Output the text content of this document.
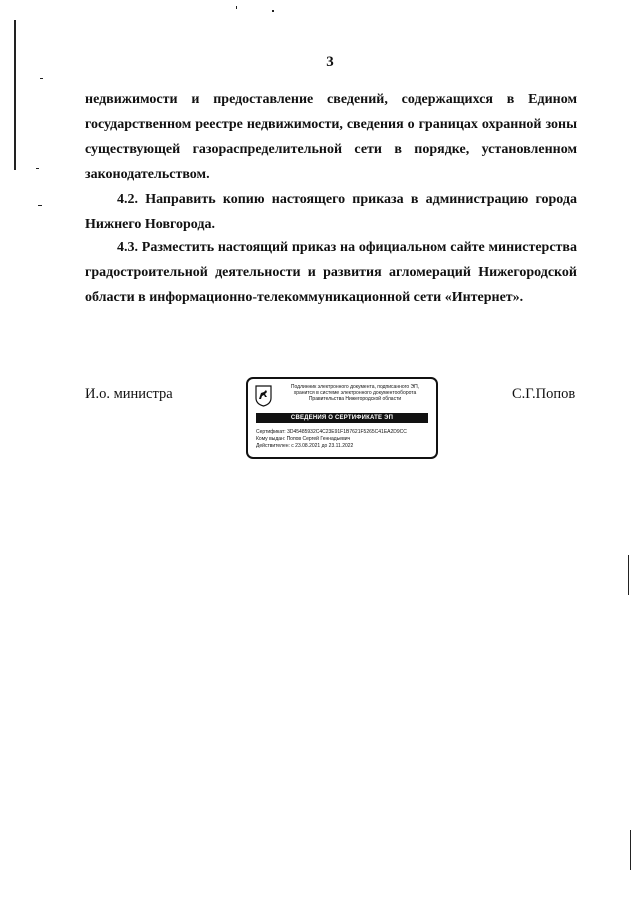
3
недвижимости и предоставление сведений, содержащихся в Едином
государственном реестре недвижимости, сведения о границах охранной зоны
существующей газораспределительной сети в порядке, установленном
законодательством.
4.2. Направить копию настоящего приказа в администрацию города
Нижнего Новгорода.
4.3. Разместить настоящий приказ на официальном сайте министерства
градостроительной деятельности и развития агломераций Нижегородской
области в информационно-телекоммуникационной сети «Интернет».
И.о. министра	С.Г.Попов
Подлинник электронного документа, подписанного ЭП,
хранится в системе электронного документооборота
Правительства Нижегородской области
СВЕДЕНИЯ О СЕРТИФИКАТЕ ЭП
Сертификат: 3D45485932C4C23E91F1B7621F5265C41EA2D9CC
Кому выдан: Попов Сергей Геннадьевич
Действителен: с 23.08.2021 до 23.11.2022
